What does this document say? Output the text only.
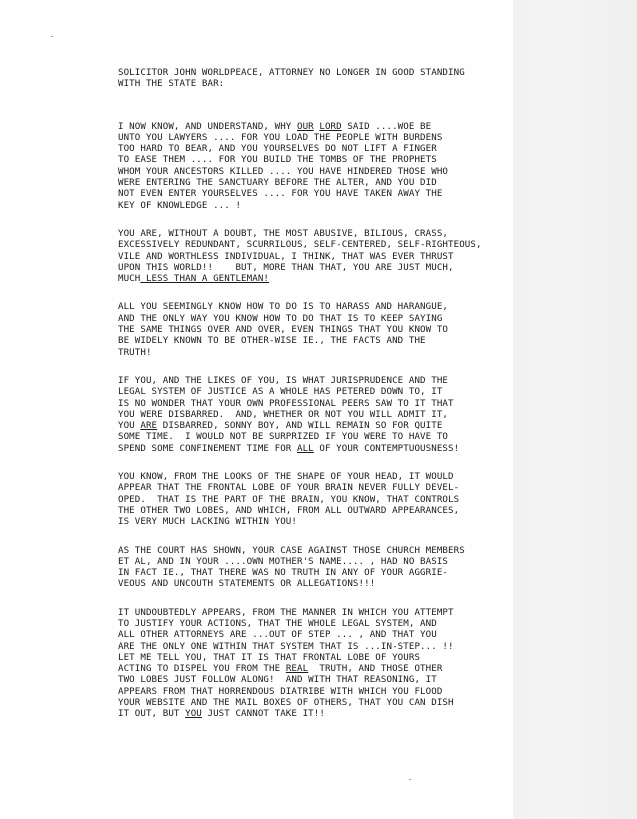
SOLICITOR JOHN WORLDPEACE, ATTORNEY NO LONGER IN GOOD STANDING
WITH THE STATE BAR:
I NOW KNOW, AND UNDERSTAND, WHY OUR LORD SAID ....WOE BE
UNTO YOU LAWYERS .... FOR YOU LOAD THE PEOPLE WITH BURDENS
TOO HARD TO BEAR, AND YOU YOURSELVES DO NOT LIFT A FINGER
TO EASE THEM .... FOR YOU BUILD THE TOMBS OF THE PROPHETS
WHOM YOUR ANCESTORS KILLED .... YOU HAVE HINDERED THOSE WHO
WERE ENTERING THE SANCTUARY BEFORE THE ALTER, AND YOU DID
NOT EVEN ENTER YOURSELVES .... FOR YOU HAVE TAKEN AWAY THE
KEY OF KNOWLEDGE ... !
YOU ARE, WITHOUT A DOUBT, THE MOST ABUSIVE, BILIOUS, CRASS,
EXCESSIVELY REDUNDANT, SCURRILOUS, SELF-CENTERED, SELF-RIGHTEOUS,
VILE AND WORTHLESS INDIVIDUAL, I THINK, THAT WAS EVER THRUST
UPON THIS WORLD!!    BUT, MORE THAN THAT, YOU ARE JUST MUCH,
MUCH LESS THAN A GENTLEMAN!
ALL YOU SEEMINGLY KNOW HOW TO DO IS TO HARASS AND HARANGUE,
AND THE ONLY WAY YOU KNOW HOW TO DO THAT IS TO KEEP SAYING
THE SAME THINGS OVER AND OVER, EVEN THINGS THAT YOU KNOW TO
BE WIDELY KNOWN TO BE OTHER-WISE IE., THE FACTS AND THE
TRUTH!
IF YOU, AND THE LIKES OF YOU, IS WHAT JURISPRUDENCE AND THE
LEGAL SYSTEM OF JUSTICE AS A WHOLE HAS PETERED DOWN TO, IT
IS NO WONDER THAT YOUR OWN PROFESSIONAL PEERS SAW TO IT THAT
YOU WERE DISBARRED.  AND, WHETHER OR NOT YOU WILL ADMIT IT,
YOU ARE DISBARRED, SONNY BOY, AND WILL REMAIN SO FOR QUITE
SOME TIME.  I WOULD NOT BE SURPRIZED IF YOU WERE TO HAVE TO
SPEND SOME CONFINEMENT TIME FOR ALL OF YOUR CONTEMPTUOUSNESS!
YOU KNOW, FROM THE LOOKS OF THE SHAPE OF YOUR HEAD, IT WOULD
APPEAR THAT THE FRONTAL LOBE OF YOUR BRAIN NEVER FULLY DEVEL-
OPED.  THAT IS THE PART OF THE BRAIN, YOU KNOW, THAT CONTROLS
THE OTHER TWO LOBES, AND WHICH, FROM ALL OUTWARD APPEARANCES,
IS VERY MUCH LACKING WITHIN YOU!
AS THE COURT HAS SHOWN, YOUR CASE AGAINST THOSE CHURCH MEMBERS
ET AL, AND IN YOUR ....OWN MOTHER'S NAME.... , HAD NO BASIS
IN FACT IE., THAT THERE WAS NO TRUTH IN ANY OF YOUR AGGRIE-
VEOUS AND UNCOUTH STATEMENTS OR ALLEGATIONS!!!
IT UNDOUBTEDLY APPEARS, FROM THE MANNER IN WHICH YOU ATTEMPT
TO JUSTIFY YOUR ACTIONS, THAT THE WHOLE LEGAL SYSTEM, AND
ALL OTHER ATTORNEYS ARE ...OUT OF STEP ... , AND THAT YOU
ARE THE ONLY ONE WITHIN THAT SYSTEM THAT IS ...IN-STEP... !!
LET ME TELL YOU, THAT IT IS THAT FRONTAL LOBE OF YOURS
ACTING TO DISPEL YOU FROM THE REAL  TRUTH, AND THOSE OTHER
TWO LOBES JUST FOLLOW ALONG!  AND WITH THAT REASONING, IT
APPEARS FROM THAT HORRENDOUS DIATRIBE WITH WHICH YOU FLOOD
YOUR WEBSITE AND THE MAIL BOXES OF OTHERS, THAT YOU CAN DISH
IT OUT, BUT YOU JUST CANNOT TAKE IT!!
